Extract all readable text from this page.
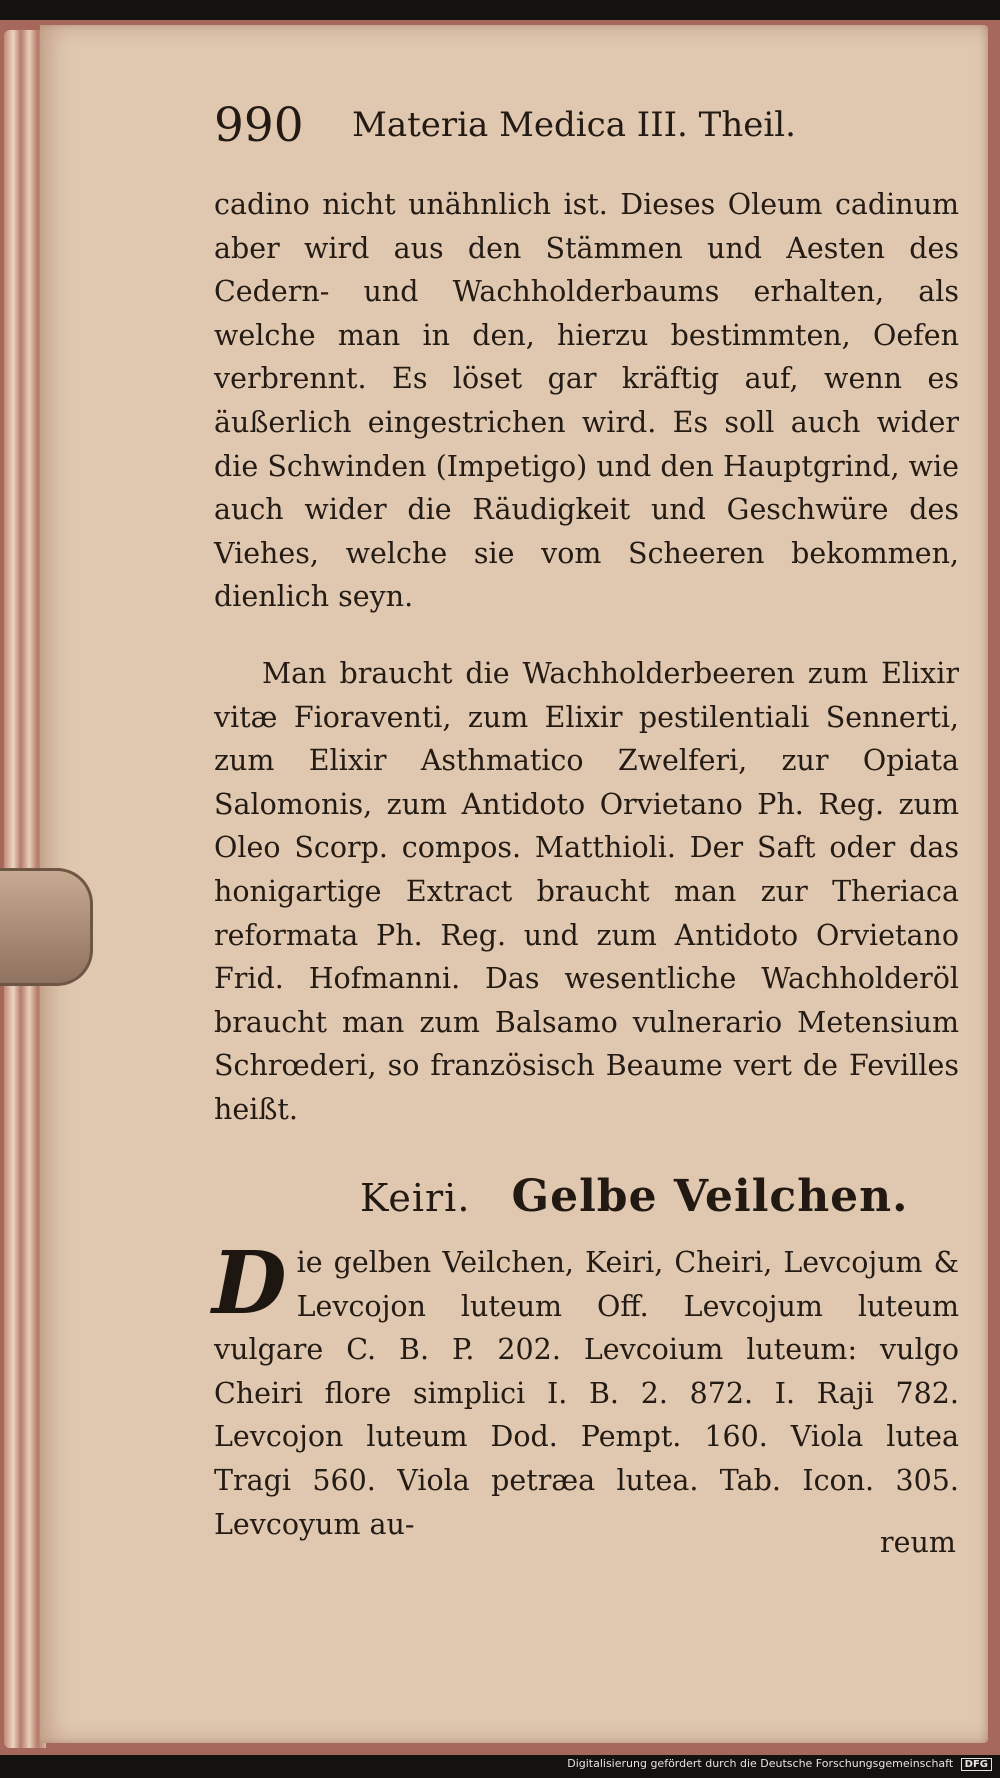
990 Materia Medica III. Theil.

cadino nicht unähnlich ist. Dieses Oleum cadinum aber wird aus den Stämmen und Aesten des Cedern- und Wachholderbaums erhalten, als welche man in den, hierzu bestimmten, Oefen verbrennt. Es löset gar kräftig auf, wenn es äußerlich eingestrichen wird. Es soll auch wider die Schwinden (Impetigo) und den Hauptgrind, wie auch wider die Räudigkeit und Geschwüre des Viehes, welche sie vom Scheeren bekommen, dienlich seyn.

Man braucht die Wachholderbeeren zum Elixir vitæ Fioraventi, zum Elixir pestilentiali Sennerti, zum Elixir Asthmatico Zwelferi, zur Opiata Salomonis, zum Antidoto Orvietano Ph. Reg. zum Oleo Scorp. compos. Matthioli. Der Saft oder das honigartige Extract braucht man zur Theriaca reformata Ph. Reg. und zum Antidoto Orvietano Frid. Hofmanni. Das wesentliche Wachholderöl braucht man zum Balsamo vulnerario Metensium Schrœderi, so französisch Beaume vert de Fevilles heißt.

Keiri. Gelbe Veilchen.

Die gelben Veilchen, Keiri, Cheiri, Levcojum & Levcojon luteum Off. Levcojum luteum vulgare C. B. P. 202. Levcoium luteum: vulgo Cheiri flore simplici I. B. 2. 872. I. Raji 782. Levcojon luteum Dod. Pempt. 160. Viola lutea Tragi 560. Viola petræa lutea. Tab. Icon. 305. Levcoyum au-

reum
Digitalisierung gefördert durch die Deutsche Forschungsgemeinschaft DFG
